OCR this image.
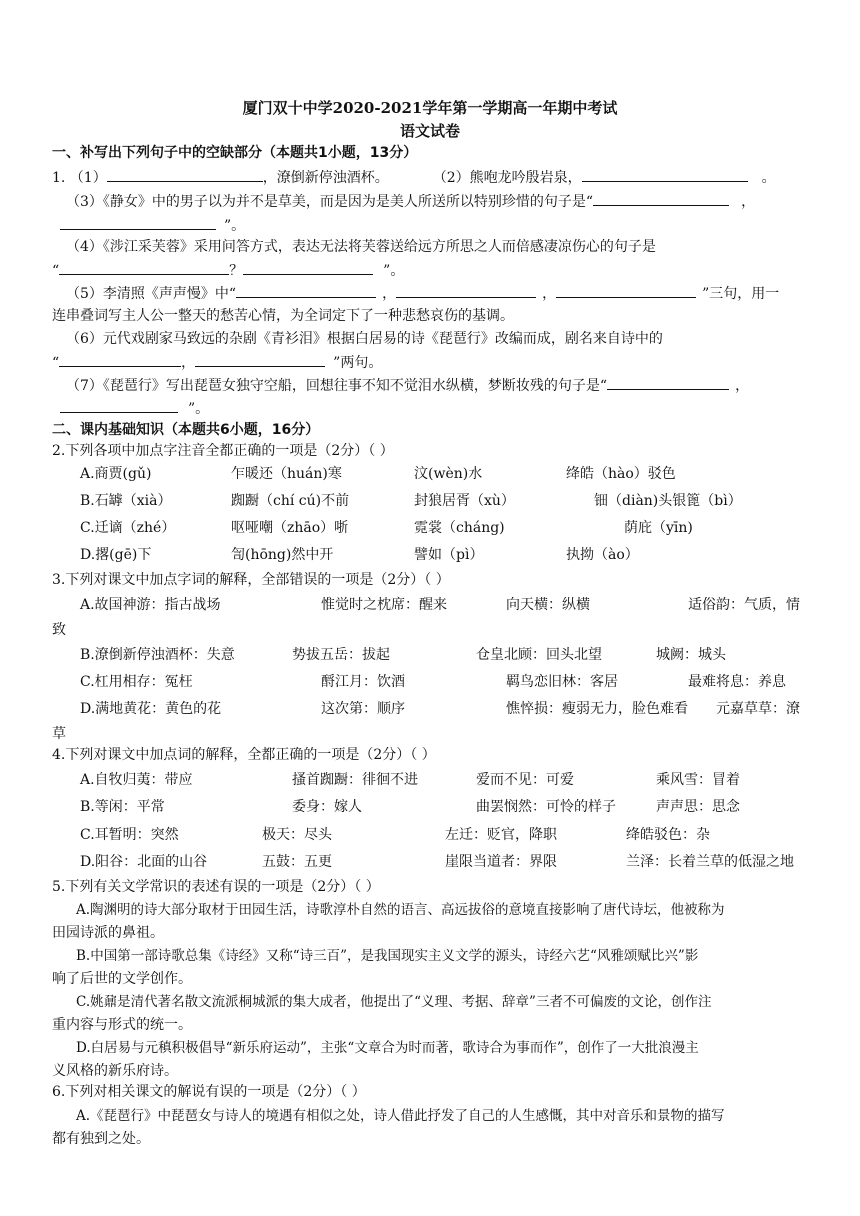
厦门双十中学2020-2021学年第一学期高一年期中考试
语文试卷
一、补写出下列句子中的空缺部分（本题共1小题，13分）
1. （1）	，潦倒新停浊酒杯。	（2）熊咆龙吟殷岩泉，	。
（3）《静女》中的男子以为并不是草美，而是因为是美人所送所以特别珍惜的句子是“	，
”。
（4）《涉江采芙蓉》采用问答方式，表达无法将芙蓉送给远方所思之人而倍感凄凉伤心的句子是
“	？	”。
（5）李清照《声声慢》中“	，	，	”三句，用一
连串叠词写主人公一整天的愁苦心情，为全词定下了一种悲愁哀伤的基调。
（6）元代戏剧家马致远的杂剧《青衫泪》根据白居易的诗《琵琶行》改编而成，剧名来自诗中的
“	，	”两句。
（7）《琵琶行》写出琵琶女独守空船，回想往事不知不觉泪水纵横，梦断妆残的句子是“	，
”。
二、课内基础知识（本题共6小题，16分）
2.下列各项中加点字注音全都正确的一项是（2分）（ ）
A.商贾(gǔ)	乍暖还（huán)寒	汶(wèn)水	绛皓（hào）驳色
B.石罅（xià）	踟蹰（chí cú)不前	封狼居胥（xù）	钿（diàn)头银篦（bì）
C.迁谪（zhé）	呕哑嘲（zhāo）哳	霓裳（cháng)	荫庇（yīn)
D.撂(gē)下	訇(hōng)然中开	譬如（pì）	执拗（ào）
3.下列对课文中加点字词的解释，全部错误的一项是（2分）（ ）
A.故国神游：指古战场	惟觉时之枕席：醒来	向天横：纵横	适俗韵：气质，情
致
B.潦倒新停浊酒杯：失意	势拔五岳：拔起	仓皇北顾：回头北望	城阙：城头
C.杠用相存：冤枉	酹江月：饮酒	羁鸟恋旧林：客居	最难将息：养息
D.满地黄花：黄色的花	这次第：顺序	憔悴损：瘦弱无力，脸色难看 元嘉草草：潦
草
4.下列对课文中加点词的解释，全都正确的一项是（2分）（ ）
A.自牧归荑：带应	搔首踟蹰：徘徊不进	爱而不见：可爱	乘风雪：冒着
B.等闲：平常	委身：嫁人	曲罢悯然：可怜的样子	声声思：思念
C.耳暂明：突然	极天：尽头	左迁：贬官，降职	绛皓驳色：杂
D.阳谷：北面的山谷	五鼓：五更	崖限当道者：界限	兰泽：长着兰草的低湿之地
5.下列有关文学常识的表述有误的一项是（2分）（ ）
A.陶渊明的诗大部分取材于田园生活，诗歌淳朴自然的语言、高远拔俗的意境直接影响了唐代诗坛，他被称为
田园诗派的鼻祖。
B.中国第一部诗歌总集《诗经》又称“诗三百”，是我国现实主义文学的源头，诗经六艺“风雅颂赋比兴”影
响了后世的文学创作。
C.姚鼐是清代著名散文流派桐城派的集大成者，他提出了“义理、考据、辞章”三者不可偏废的文论，创作注
重内容与形式的统一。
D.白居易与元稹积极倡导“新乐府运动”，主张“文章合为时而著，歌诗合为事而作”，创作了一大批浪漫主
义风格的新乐府诗。
6.下列对相关课文的解说有误的一项是（2分）（ ）
A.《琵琶行》中琵琶女与诗人的境遇有相似之处，诗人借此抒发了自己的人生感慨，其中对音乐和景物的描写
都有独到之处。
